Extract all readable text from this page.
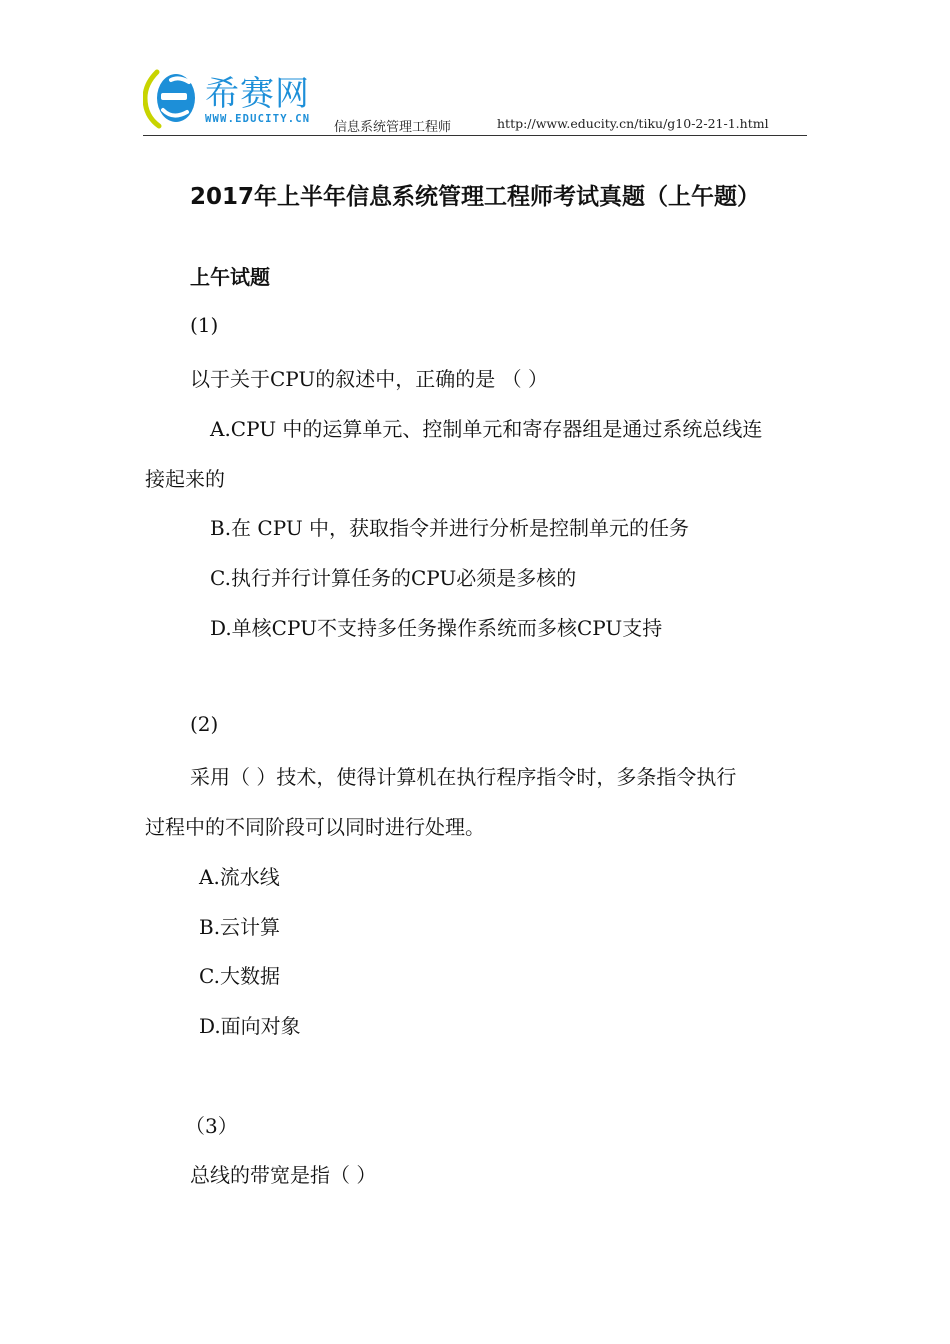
希赛网
WWW.EDUCITY.CN
信息系统管理工程师	http://www.educity.cn/tiku/g10-2-21-1.html
2017年上半年信息系统管理工程师考试真题（上午题）
上午试题
(1)
以于关于CPU的叙述中，正确的是 （ ）
A.CPU 中的运算单元、控制单元和寄存器组是通过系统总线连
接起来的
B.在 CPU 中，获取指令并进行分析是控制单元的任务
C.执行并行计算任务的CPU必须是多核的
D.单核CPU不支持多任务操作系统而多核CPU支持
(2)
采用（ ）技术，使得计算机在执行程序指令时，多条指令执行
过程中的不同阶段可以同时进行处理。
A.流水线
B.云计算
C.大数据
D.面向对象
（3）
总线的带宽是指（ ）
